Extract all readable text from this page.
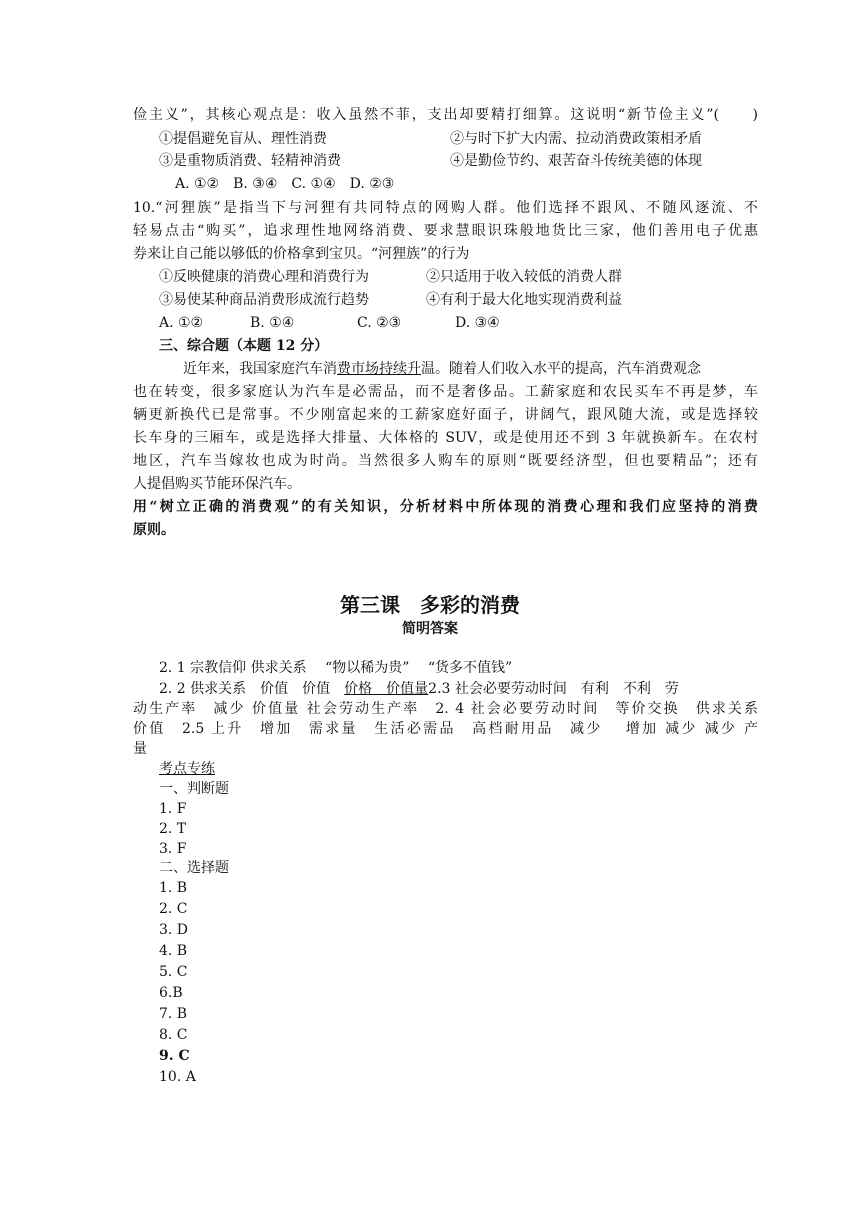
俭主义”，其核心观点是：收入虽然不菲，支出却要精打细算。这说明“新节俭主义”(　　)
①提倡避免盲从、理性消费	②与时下扩大内需、拉动消费政策相矛盾
③是重物质消费、轻精神消费	④是勤俭节约、艰苦奋斗传统美德的体现
A. ①②　B. ③④　C. ①④　D. ②③
10.“河狸族”是指当下与河狸有共同特点的网购人群。他们选择不跟风、不随风逐流、不
轻易点击“购买”，追求理性地网络消费、要求慧眼识珠般地货比三家，他们善用电子优惠
券来让自己能以够低的价格拿到宝贝。“河狸族”的行为
①反映健康的消费心理和消费行为	②只适用于收入较低的消费人群
③易使某种商品消费形成流行趋势	④有利于最大化地实现消费利益
A. ①②	B. ①④	C. ②③	D. ③④
三、综合题（本题 12 分）
近年来，我国家庭汽车消费市场持续升温。随着人们收入水平的提高，汽车消费观念
也在转变，很多家庭认为汽车是必需品，而不是奢侈品。工薪家庭和农民买车不再是梦，车
辆更新换代已是常事。不少刚富起来的工薪家庭好面子，讲阔气，跟风随大流，或是选择较
长车身的三厢车，或是选择大排量、大体格的 SUV，或是使用还不到 3 年就换新车。在农村
地区，汽车当嫁妆也成为时尚。当然很多人购车的原则“既要经济型，但也要精品”；还有
人提倡购买节能环保汽车。
用“树立正确的消费观”的有关知识，分析材料中所体现的消费心理和我们应坚持的消费
原则。
第三课　多彩的消费
简明答案
2. 1 宗教信仰 供求关系　 “物以稀为贵”　 “货多不值钱”
2. 2 供求关系　价值　价值　价格　价值量2.3 社会必要劳动时间　有利　不利　劳
动生产率　减少 价值量 社会劳动生产率　2. 4 社会必要劳动时间　等价交换　供求关系
价值　2.5 上升　增加　需求量　生活必需品　高档耐用品　减少　 增加 减少 减少 产
量
考点专练
一、判断题
1. F
2. T
3. F
二、选择题
1. B
2. C
3. D
4. B
5. C
6.B
7. B
8. C
9. C
10. A
